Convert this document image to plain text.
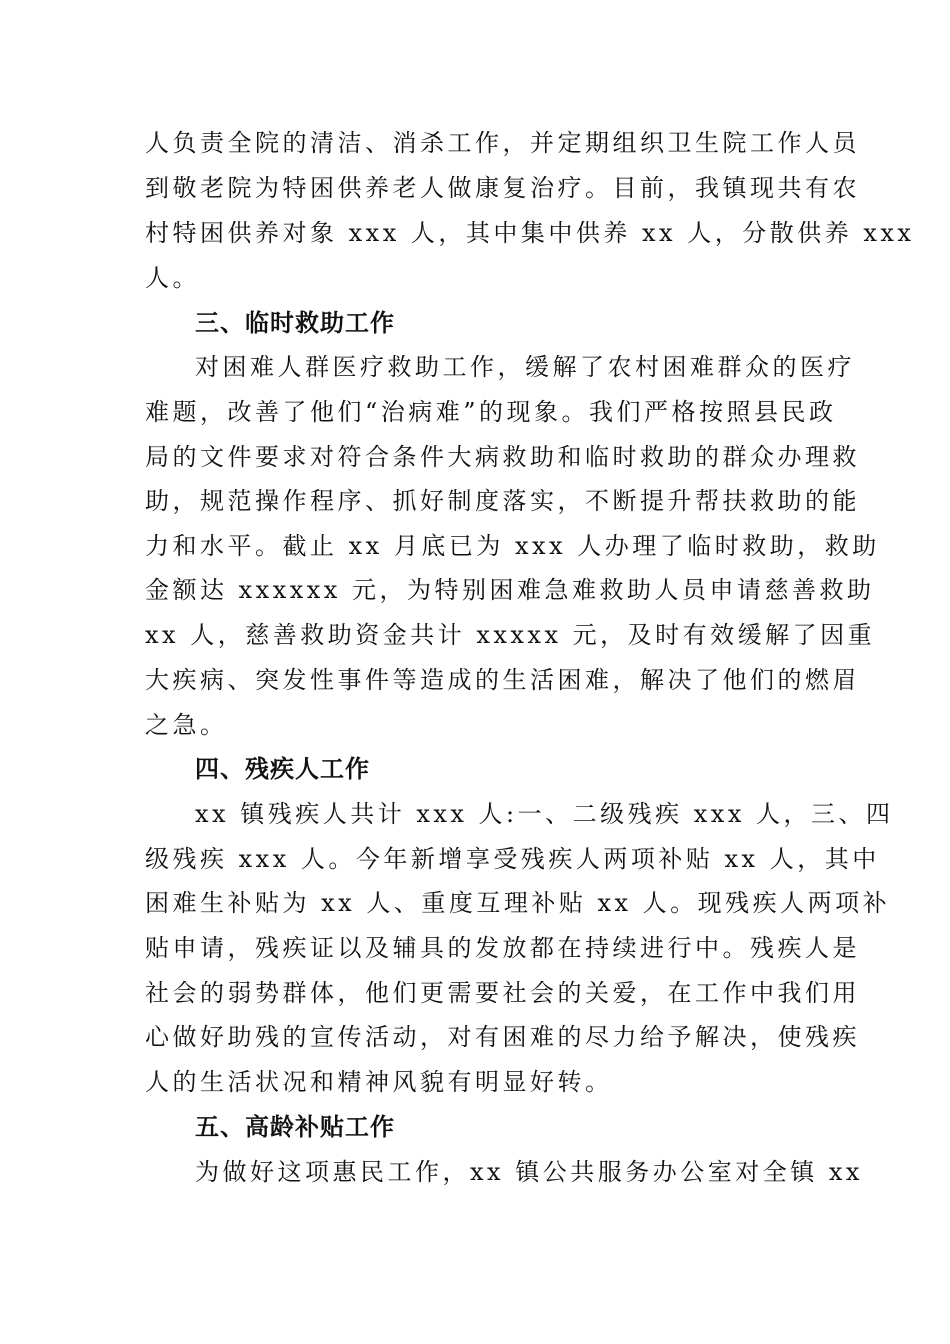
人负责全院的清洁、消杀工作，并定期组织卫生院工作人员
到敬老院为特困供养老人做康复治疗。目前，我镇现共有农
村特困供养对象 xxx 人，其中集中供养 xx 人，分散供养 xxx
人。
三、临时救助工作
对困难人群医疗救助工作，缓解了农村困难群众的医疗
难题，改善了他们“治病难”的现象。我们严格按照县民政
局的文件要求对符合条件大病救助和临时救助的群众办理救
助，规范操作程序、抓好制度落实，不断提升帮扶救助的能
力和水平。截止 xx 月底已为 xxx 人办理了临时救助，救助
金额达 xxxxxx 元，为特别困难急难救助人员申请慈善救助
xx 人，慈善救助资金共计 xxxxx 元，及时有效缓解了因重
大疾病、突发性事件等造成的生活困难，解决了他们的燃眉
之急。
四、残疾人工作
xx 镇残疾人共计 xxx 人:一、二级残疾 xxx 人，三、四
级残疾 xxx 人。今年新增享受残疾人两项补贴 xx 人，其中
困难生补贴为 xx 人、重度互理补贴 xx 人。现残疾人两项补
贴申请，残疾证以及辅具的发放都在持续进行中。残疾人是
社会的弱势群体，他们更需要社会的关爱，在工作中我们用
心做好助残的宣传活动，对有困难的尽力给予解决，使残疾
人的生活状况和精神风貌有明显好转。
五、高龄补贴工作
为做好这项惠民工作，xx 镇公共服务办公室对全镇 xx
